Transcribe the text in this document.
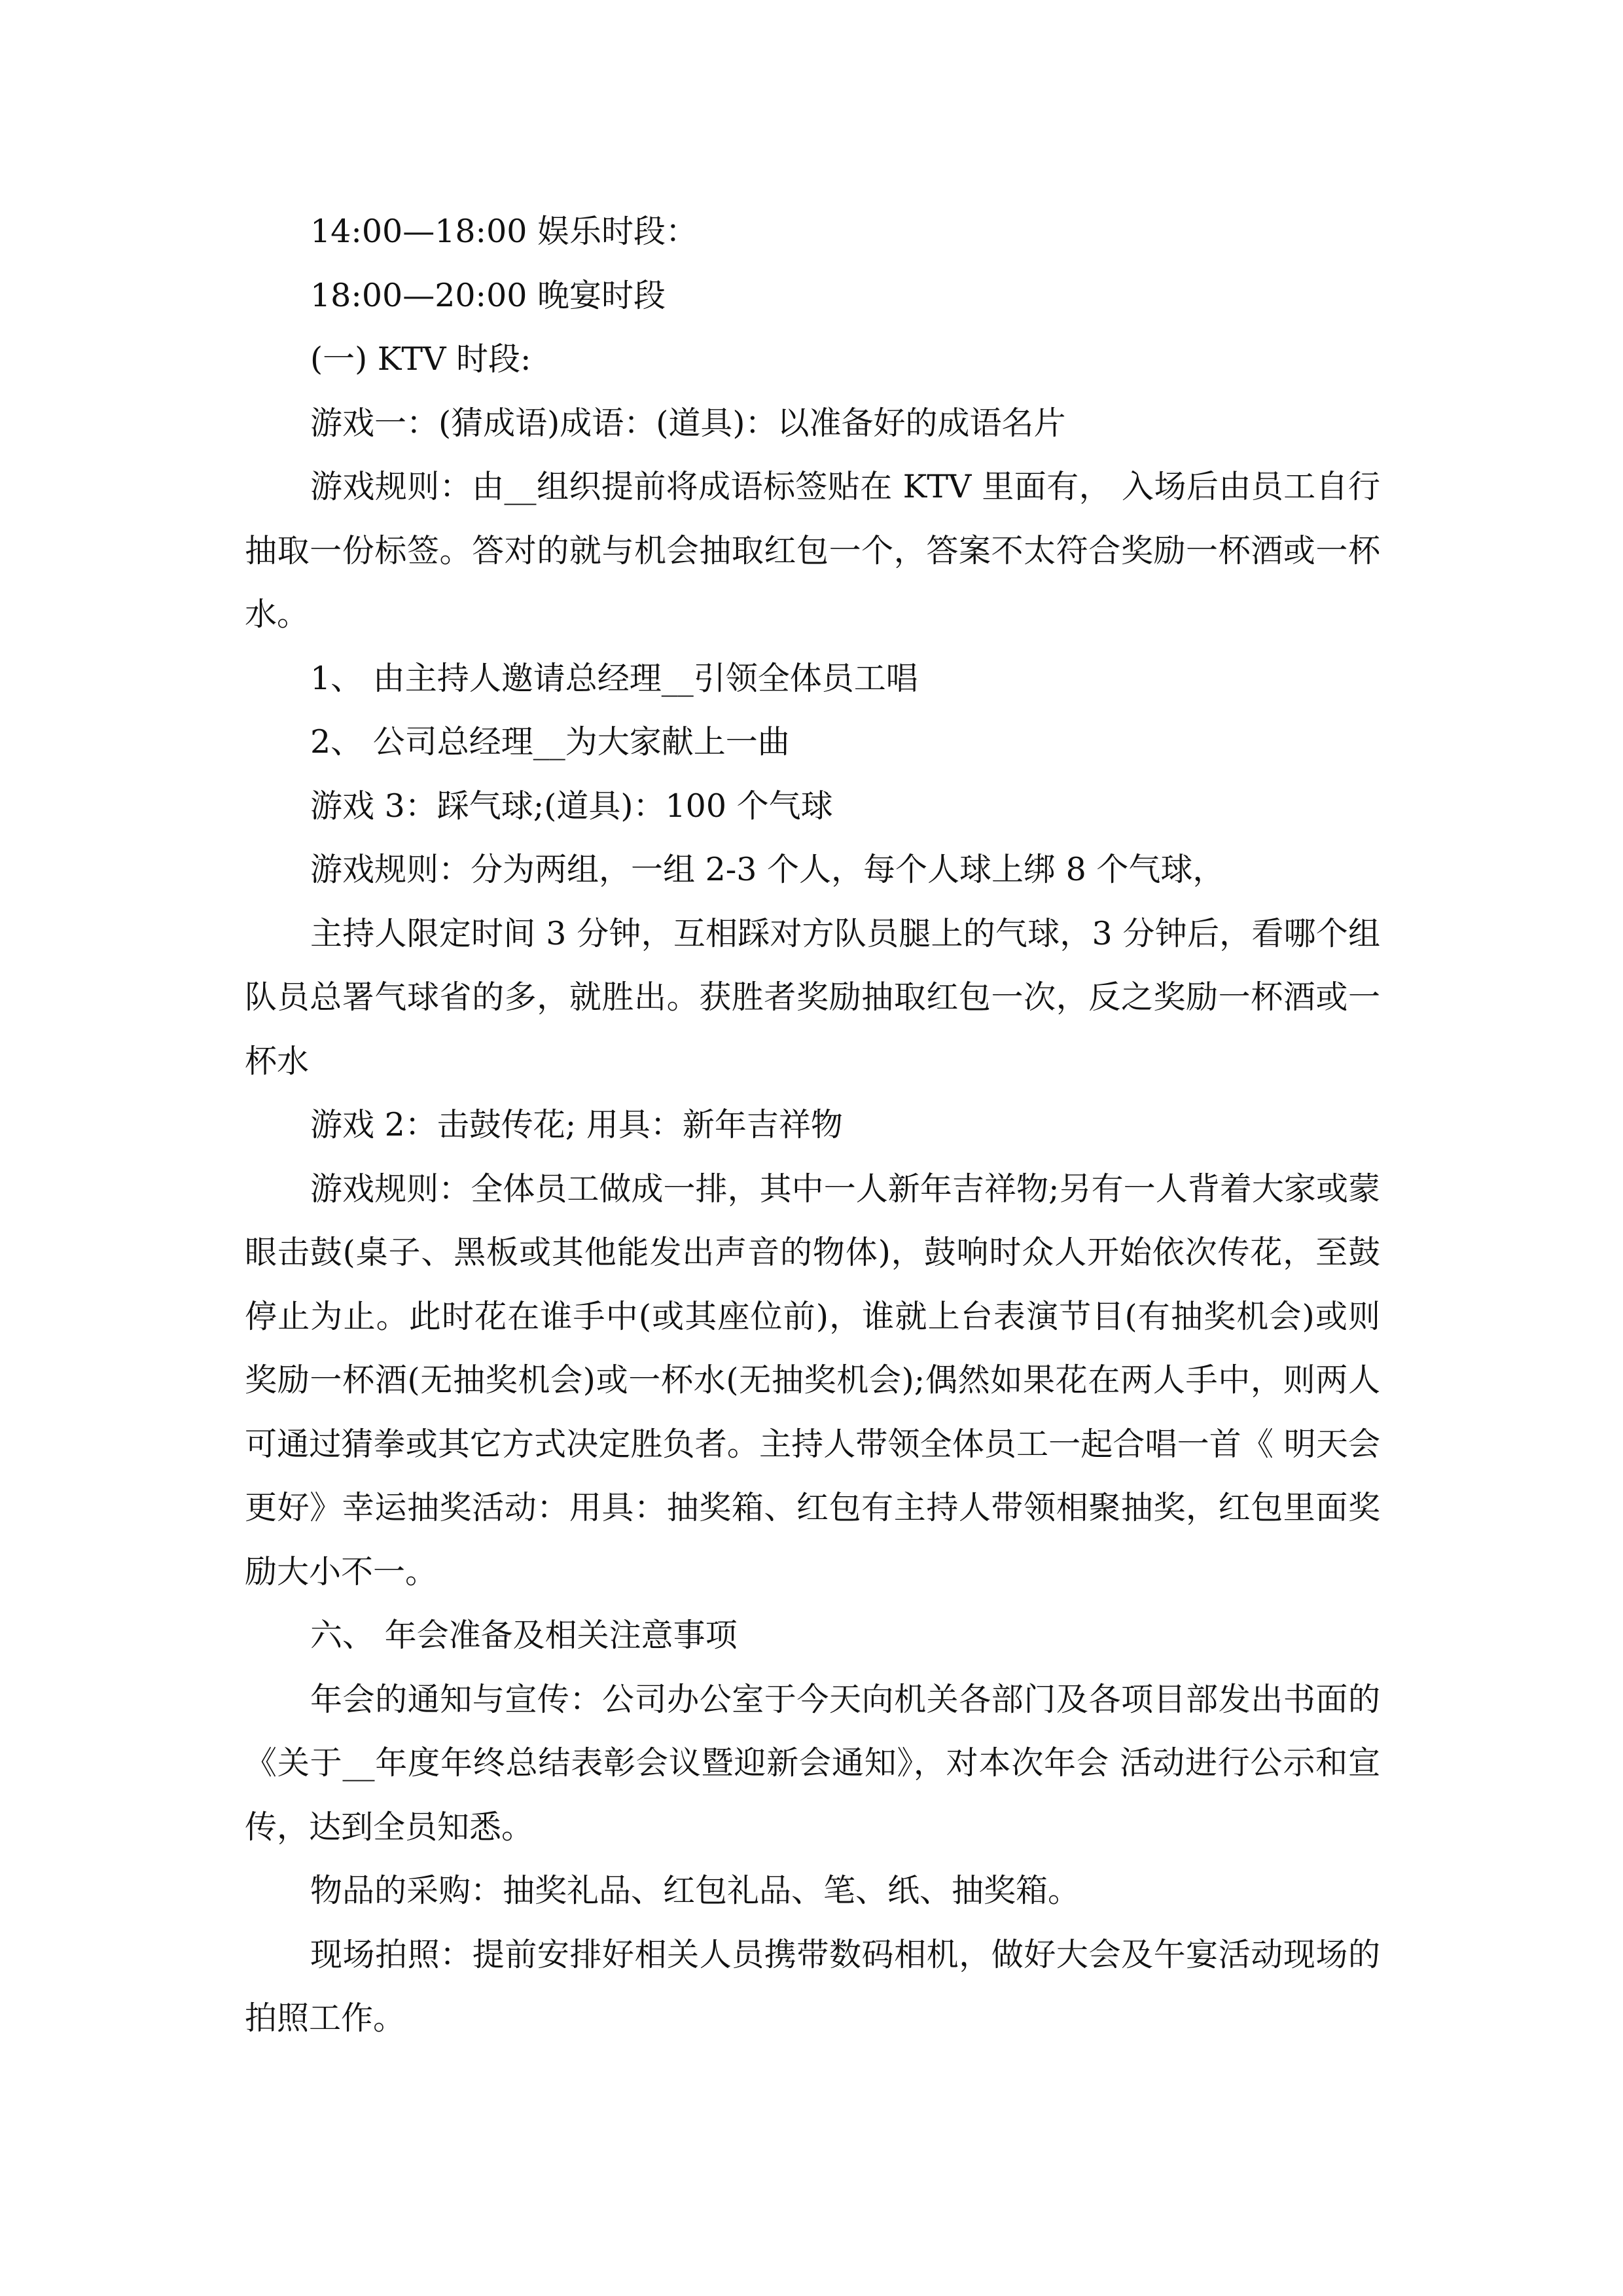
14:00—18:00 娱乐时段：

18:00—20:00 晚宴时段

(一) KTV 时段:

游戏一：(猜成语)成语：(道具)：以准备好的成语名片

游戏规则：由__组织提前将成语标签贴在 KTV 里面有， 入场后由员工自行抽取一份标签。答对的就与机会抽取红包一个，答案不太符合奖励一杯酒或一杯水。

1、 由主持人邀请总经理__引领全体员工唱

2、 公司总经理__为大家献上一曲

游戏 3：踩气球;(道具)：100 个气球

游戏规则：分为两组，一组 2-3 个人，每个人球上绑 8 个气球，

主持人限定时间 3 分钟，互相踩对方队员腿上的气球，3 分钟后，看哪个组队员总署气球省的多，就胜出。获胜者奖励抽取红包一次，反之奖励一杯酒或一杯水

游戏 2：击鼓传花; 用具：新年吉祥物

游戏规则：全体员工做成一排，其中一人新年吉祥物;另有一人背着大家或蒙眼击鼓(桌子、黑板或其他能发出声音的物体)，鼓响时众人开始依次传花，至鼓停止为止。此时花在谁手中(或其座位前)，谁就上台表演节目(有抽奖机会)或则奖励一杯酒(无抽奖机会)或一杯水(无抽奖机会);偶然如果花在两人手中，则两人可通过猜拳或其它方式决定胜负者。主持人带领全体员工一起合唱一首《 明天会更好》幸运抽奖活动：用具：抽奖箱、红包有主持人带领相聚抽奖，红包里面奖励大小不一。

六、 年会准备及相关注意事项

年会的通知与宣传：公司办公室于今天向机关各部门及各项目部发出书面的《关于__年度年终总结表彰会议暨迎新会通知》，对本次年会 活动进行公示和宣传，达到全员知悉。

物品的采购：抽奖礼品、红包礼品、笔、纸、抽奖箱。

现场拍照：提前安排好相关人员携带数码相机，做好大会及午宴活动现场的拍照工作。
